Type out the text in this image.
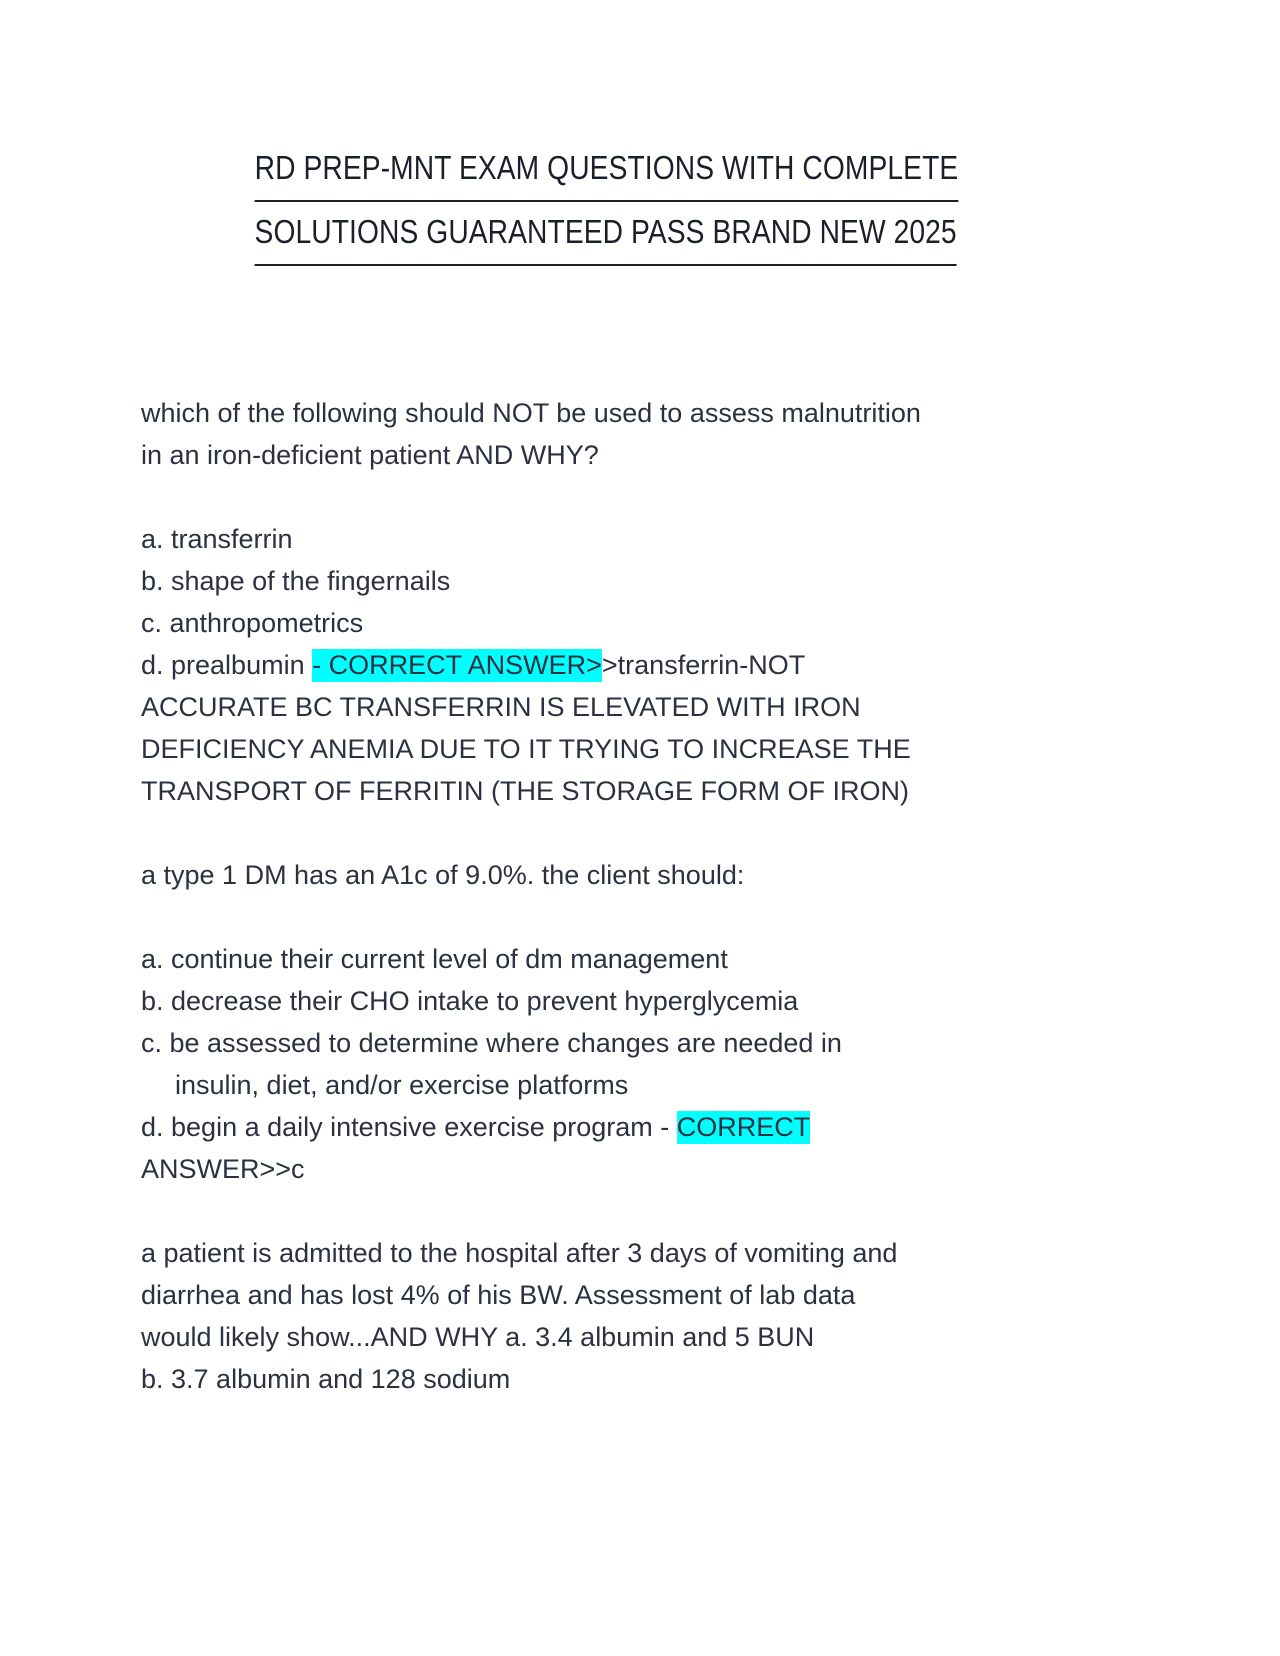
RD PREP-MNT EXAM QUESTIONS WITH COMPLETE
SOLUTIONS GUARANTEED PASS BRAND NEW 2025
which of the following should NOT be used to assess malnutrition
in an iron-deficient patient AND WHY?
a. transferrin
b. shape of the fingernails
c. anthropometrics
d. prealbumin - CORRECT ANSWER>>transferrin-NOT
ACCURATE BC TRANSFERRIN IS ELEVATED WITH IRON
DEFICIENCY ANEMIA DUE TO IT TRYING TO INCREASE THE
TRANSPORT OF FERRITIN (THE STORAGE FORM OF IRON)
a type 1 DM has an A1c of 9.0%. the client should:
a. continue their current level of dm management
b. decrease their CHO intake to prevent hyperglycemia
c. be assessed to determine where changes are needed in
insulin, diet, and/or exercise platforms
d. begin a daily intensive exercise program - CORRECT
ANSWER>>c
a patient is admitted to the hospital after 3 days of vomiting and
diarrhea and has lost 4% of his BW. Assessment of lab data
would likely show...AND WHY a. 3.4 albumin and 5 BUN
b. 3.7 albumin and 128 sodium
